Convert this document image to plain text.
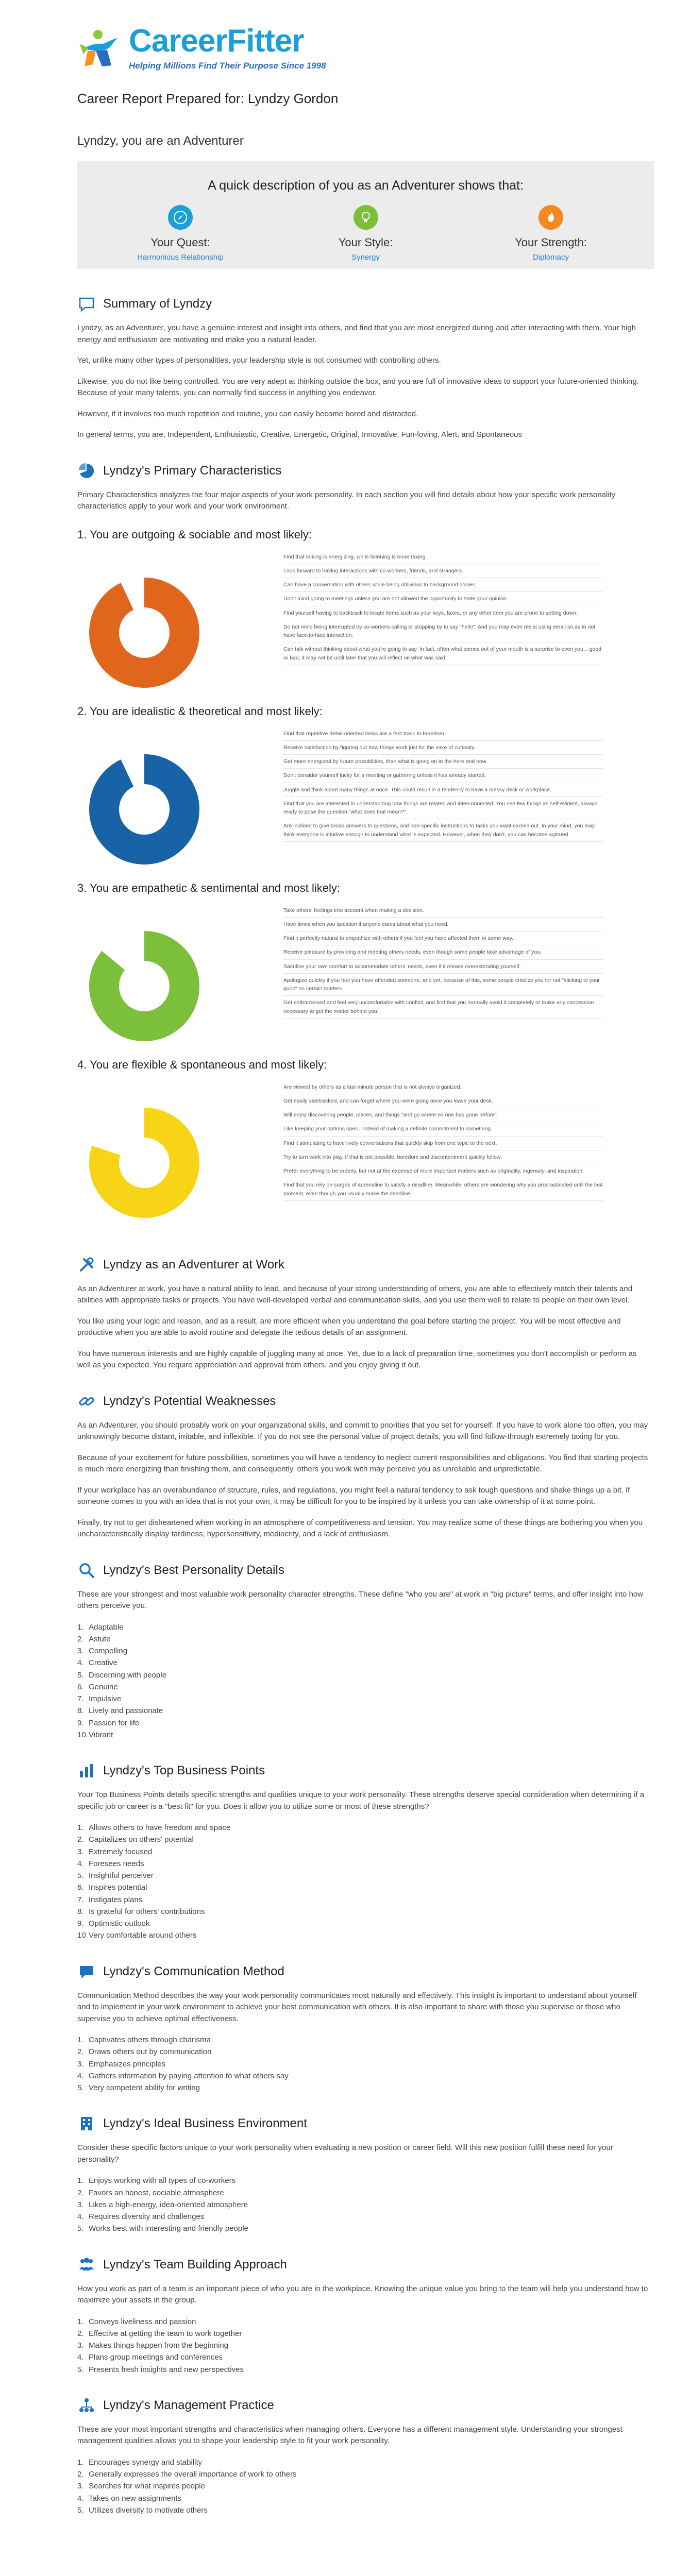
CareerFitter
Helping Millions Find Their Purpose Since 1998
Career Report Prepared for: Lyndzy Gordon
Lyndzy, you are an Adventurer
A quick description of you as an Adventurer shows that:
Your Quest:
Harmonious Relationship
Your Style:
Synergy
Your Strength:
Diplomacy
Summary of Lyndzy

Lyndzy, as an Adventurer, you have a genuine interest and insight into others, and find that you are most energized during and after interacting with them. Your high energy and enthusiasm are motivating and make you a natural leader.

Yet, unlike many other types of personalities, your leadership style is not consumed with controlling others.

Likewise, you do not like being controlled. You are very adept at thinking outside the box, and you are full of innovative ideas to support your future-oriented thinking. Because of your many talents, you can normally find success in anything you endeavor.

However, if it involves too much repetition and routine, you can easily become bored and distracted.

In general terms, you are, Independent, Enthusiastic, Creative, Energetic, Original, Innovative, Fun-loving, Alert, and Spontaneous

Lyndzy's Primary Characteristics

Primary Characteristics analyzes the four major aspects of your work personality. In each section you will find details about how your specific work personality characteristics apply to your work and your work environment.

1. You are outgoing & sociable and most likely:
93%
Find that talking is energizing, while listening is more taxing.
Look forward to having interactions with co-workers, friends, and strangers.
Can have a conversation with others while being oblivious to background noises.
Don't mind going to meetings unless you are not allowed the opportunity to state your opinion.
Find yourself having to backtrack to locate items such as your keys, faxes, or any other item you are prone to setting down.
Do not mind being interrupted by co-workers calling or stopping by to say "hello". And you may even resist using email so as to not have face-to-face interaction.
Can talk without thinking about what you're going to say. In fact, often what comes out of your mouth is a surprise to even you... good or bad, it may not be until later that you will reflect on what was said.
2. You are idealistic & theoretical and most likely:
93%
Find that repetitive detail-oriented tasks are a fast track to boredom.
Receive satisfaction by figuring out how things work just for the sake of curiosity.
Get more energized by future possibilities, than what is going on in the here and now.
Don't consider yourself lucky for a meeting or gathering unless it has already started.
Juggle and think about many things at once. This could result in a tendency to have a messy desk or workplace.
Find that you are interested in understanding how things are related and interconnected. You see few things as self-evident, always ready to pose the question "what does that mean?".
Are inclined to give broad answers to questions, and non-specific instructions to tasks you want carried out. In your mind, you may think everyone is intuitive enough to understand what is expected. However, when they don't, you can become agitated.
3. You are empathetic & sentimental and most likely:
86%
Take others' feelings into account when making a decision.
Have times when you question if anyone cares about what you need.
Find it perfectly natural to empathize with others if you feel you have affected them in some way.
Receive pleasure by providing and meeting others needs, even though some people take advantage of you.
Sacrifice your own comfort to accommodate others' needs, even if it means overextending yourself.
Apologize quickly if you feel you have offended someone, and yet, because of this, some people criticize you for not "sticking to your guns" on certain matters.
Get embarrassed and feel very uncomfortable with conflict, and find that you normally avoid it completely or make any concession necessary to get the matter behind you.
4. You are flexible & spontaneous and most likely:
80%
Are viewed by others as a last-minute person that is not always organized.
Get easily sidetracked, and can forget where you were going once you leave your desk.
Will enjoy discovering people, places, and things "and go where no one has gone before".
Like keeping your options open, instead of making a definite commitment to something.
Find it stimulating to have lively conversations that quickly skip from one topic to the next.
Try to turn work into play, if that is not possible, boredom and discontentment quickly follow.
Prefer everything to be orderly, but not at the expense of more important matters such as originality, ingenuity, and inspiration.
Find that you rely on surges of adrenaline to satisfy a deadline. Meanwhile, others are wondering why you procrastinated until the last moment, even though you usually make the deadline.
Lyndzy as an Adventurer at Work

As an Adventurer at work, you have a natural ability to lead, and because of your strong understanding of others, you are able to effectively match their talents and abilities with appropriate tasks or projects. You have well-developed verbal and communication skills, and you use them well to relate to people on their own level.

You like using your logic and reason, and as a result, are more efficient when you understand the goal before starting the project. You will be most effective and productive when you are able to avoid routine and delegate the tedious details of an assignment.

You have numerous interests and are highly capable of juggling many at once. Yet, due to a lack of preparation time, sometimes you don't accomplish or perform as well as you expected. You require appreciation and approval from others, and you enjoy giving it out.

Lyndzy's Potential Weaknesses

As an Adventurer, you should probably work on your organizational skills, and commit to priorities that you set for yourself. If you have to work alone too often, you may unknowingly become distant, irritable, and inflexible. If you do not see the personal value of project details, you will find follow-through extremely taxing for you.

Because of your excitement for future possibilities, sometimes you will have a tendency to neglect current responsibilities and obligations. You find that starting projects is much more energizing than finishing them, and consequently, others you work with may perceive you as unreliable and unpredictable.

If your workplace has an overabundance of structure, rules, and regulations, you might feel a natural tendency to ask tough questions and shake things up a bit. If someone comes to you with an idea that is not your own, it may be difficult for you to be inspired by it unless you can take ownership of it at some point.

Finally, try not to get disheartened when working in an atmosphere of competitiveness and tension. You may realize some of these things are bothering you when you uncharacteristically display tardiness, hypersensitivity, mediocrity, and a lack of enthusiasm.

Lyndzy's Best Personality Details

These are your strongest and most valuable work personality character strengths. These define "who you are" at work in "big picture" terms, and offer insight into how others perceive you.

1. Adaptable
2. Astute
3. Compelling
4. Creative
5. Discerning with people
6. Genuine
7. Impulsive
8. Lively and passionate
9. Passion for life
10. Vibrant
Lyndzy's Top Business Points

Your Top Business Points details specific strengths and qualities unique to your work personality. These strengths deserve special consideration when determining if a specific job or career is a "best fit" for you. Does it allow you to utilize some or most of these strengths?

1. Allows others to have freedom and space
2. Capitalizes on others' potential
3. Extremely focused
4. Foresees needs
5. Insightful perceiver
6. Inspires potential
7. Instigates plans
8. Is grateful for others' contributions
9. Optimistic outlook
10. Very comfortable around others
Lyndzy's Communication Method

Communication Method describes the way your work personality communicates most naturally and effectively. This insight is important to understand about yourself and to implement in your work environment to achieve your best communication with others. It is also important to share with those you supervise or those who supervise you to achieve optimal effectiveness.

1. Captivates others through charisma
2. Draws others out by communication
3. Emphasizes principles
4. Gathers information by paying attention to what others say
5. Very competent ability for writing
Lyndzy's Ideal Business Environment

Consider these specific factors unique to your work personality when evaluating a new position or career field. Will this new position fulfill these need for your personality?

1. Enjoys working with all types of co-workers
2. Favors an honest, sociable atmosphere
3. Likes a high-energy, idea-oriented atmosphere
4. Requires diversity and challenges
5. Works best with interesting and friendly people
Lyndzy's Team Building Approach

How you work as part of a team is an important piece of who you are in the workplace. Knowing the unique value you bring to the team will help you understand how to maximize your assets in the group.

1. Conveys liveliness and passion
2. Effective at getting the team to work together
3. Makes things happen from the beginning
4. Plans group meetings and conferences
5. Presents fresh insights and new perspectives
Lyndzy's Management Practice

These are your most important strengths and characteristics when managing others. Everyone has a different management style. Understanding your strongest management qualities allows you to shape your leadership style to fit your work personality.

1. Encourages synergy and stability
2. Generally expresses the overall importance of work to others
3. Searches for what inspires people
4. Takes on new assignments
5. Utilizes diversity to motivate others
